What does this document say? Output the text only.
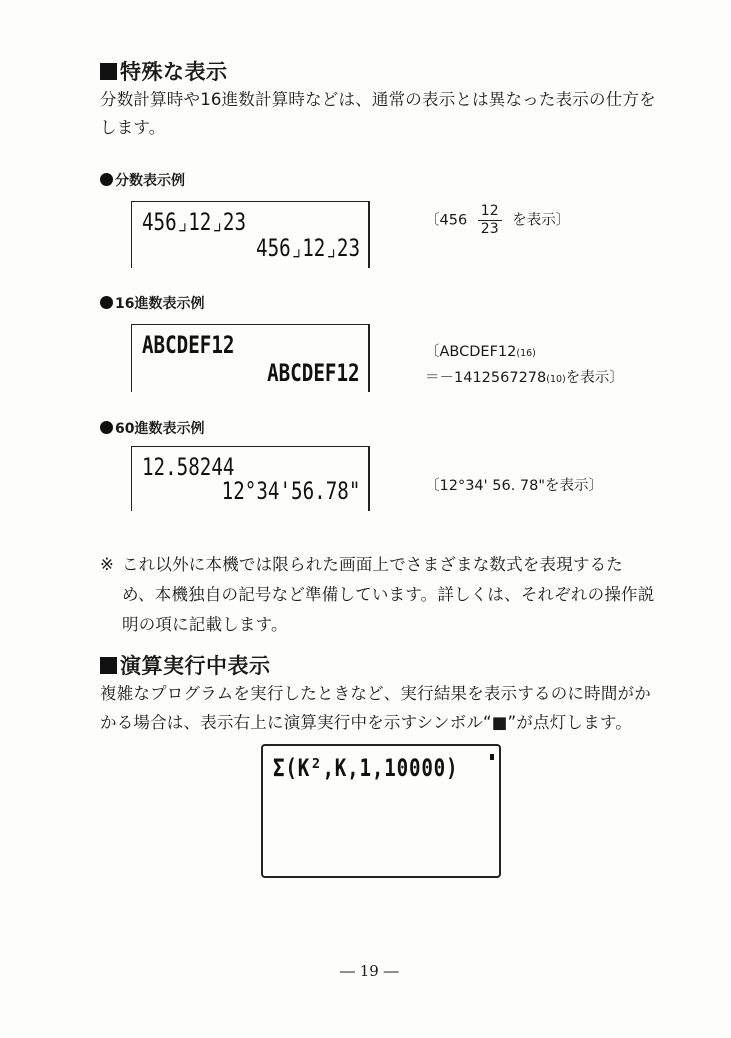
特殊な表示
分数計算時や16進数計算時などは、通常の表示とは異なった表示の仕方を
します。
分数表示例
456⌟12⌟23
456⌟12⌟23
〔$456 \frac{12}{23}$ を表示〕
16進数表示例
ABCDEF12
ABCDEF12
〔ABCDEF12(16)
＝－1412567278(10)を表示〕
60進数表示例
12.58244
12°34'56.78"	〔12°34' 56. 78"を表示〕
※ これ以外に本機では限られた画面上でさまざまな数式を表現するた
め、本機独自の記号など準備しています。詳しくは、それぞれの操作説
明の項に記載します。
演算実行中表示
複雑なプログラムを実行したときなど、実行結果を表示するのに時間がか
かる場合は、表示右上に演算実行中を示すシンボル“■”が点灯します。
Σ(K²,K,1,10000)
― 19 ―
